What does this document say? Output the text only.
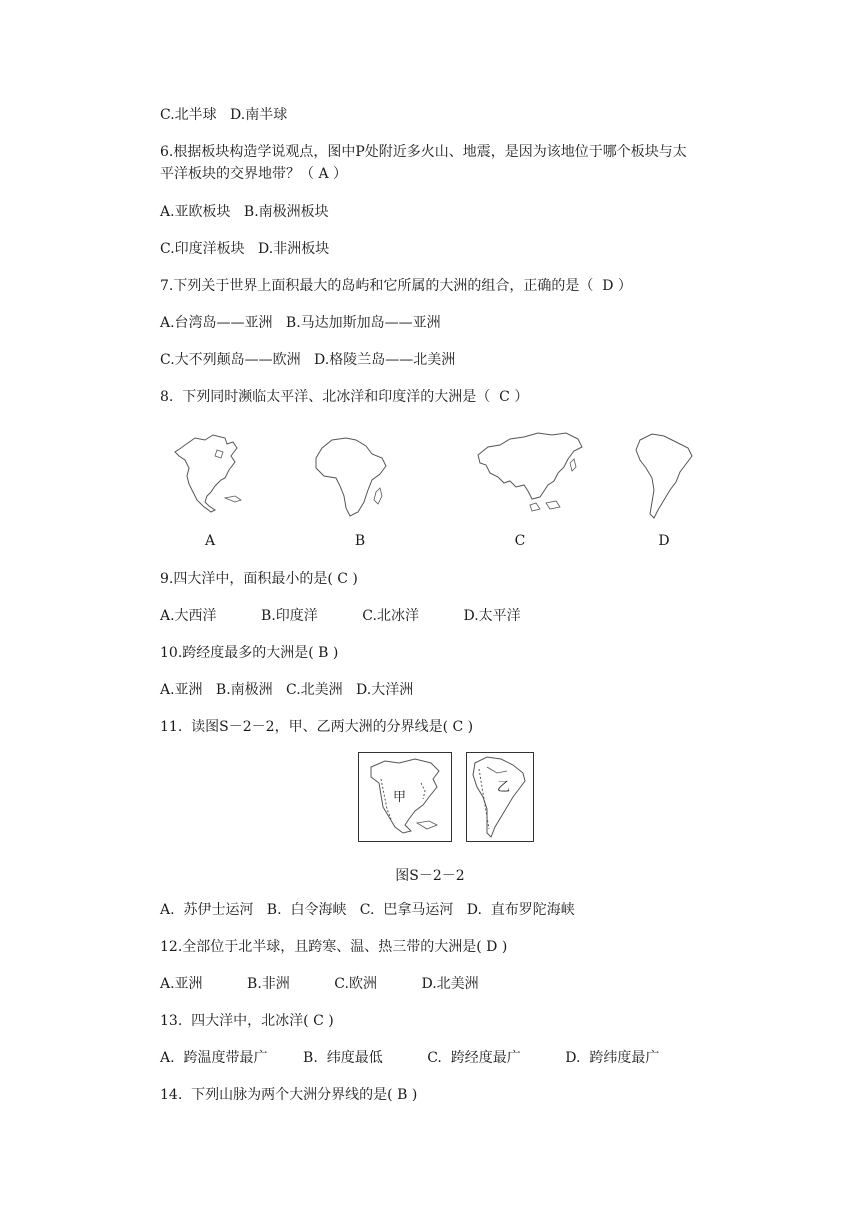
C.北半球   D.南半球
6.根据板块构造学说观点，图中P处附近多火山、地震，是因为该地位于哪个板块与太
平洋板块的交界地带？（ A ）
A.亚欧板块   B.南极洲板块
C.印度洋板块   D.非洲板块
7.下列关于世界上面积最大的岛屿和它所属的大洲的组合，正确的是（  D ）
A.台湾岛——亚洲   B.马达加斯加岛——亚洲
C.大不列颠岛——欧洲   D.格陵兰岛——北美洲
8.  下列同时濒临太平洋、北冰洋和印度洋的大洲是（  C ）
A	B	C	D
9.四大洋中，面积最小的是( C )
A.大西洋          B.印度洋          C.北冰洋          D.太平洋
10.跨经度最多的大洲是( B )
A.亚洲   B.南极洲   C.北美洲   D.大洋洲
11.  读图S－2－2，甲、乙两大洲的分界线是( C )
甲
乙
图S－2－2
A.  苏伊士运河   B.  白令海峡   C.  巴拿马运河   D.  直布罗陀海峡
12.全部位于北半球，且跨寒、温、热三带的大洲是( D )
A.亚洲          B.非洲          C.欧洲          D.北美洲
13.  四大洋中，北冰洋( C )
A.  跨温度带最广        B.  纬度最低          C.  跨经度最广          D.  跨纬度最广
14.  下列山脉为两个大洲分界线的是( B )
